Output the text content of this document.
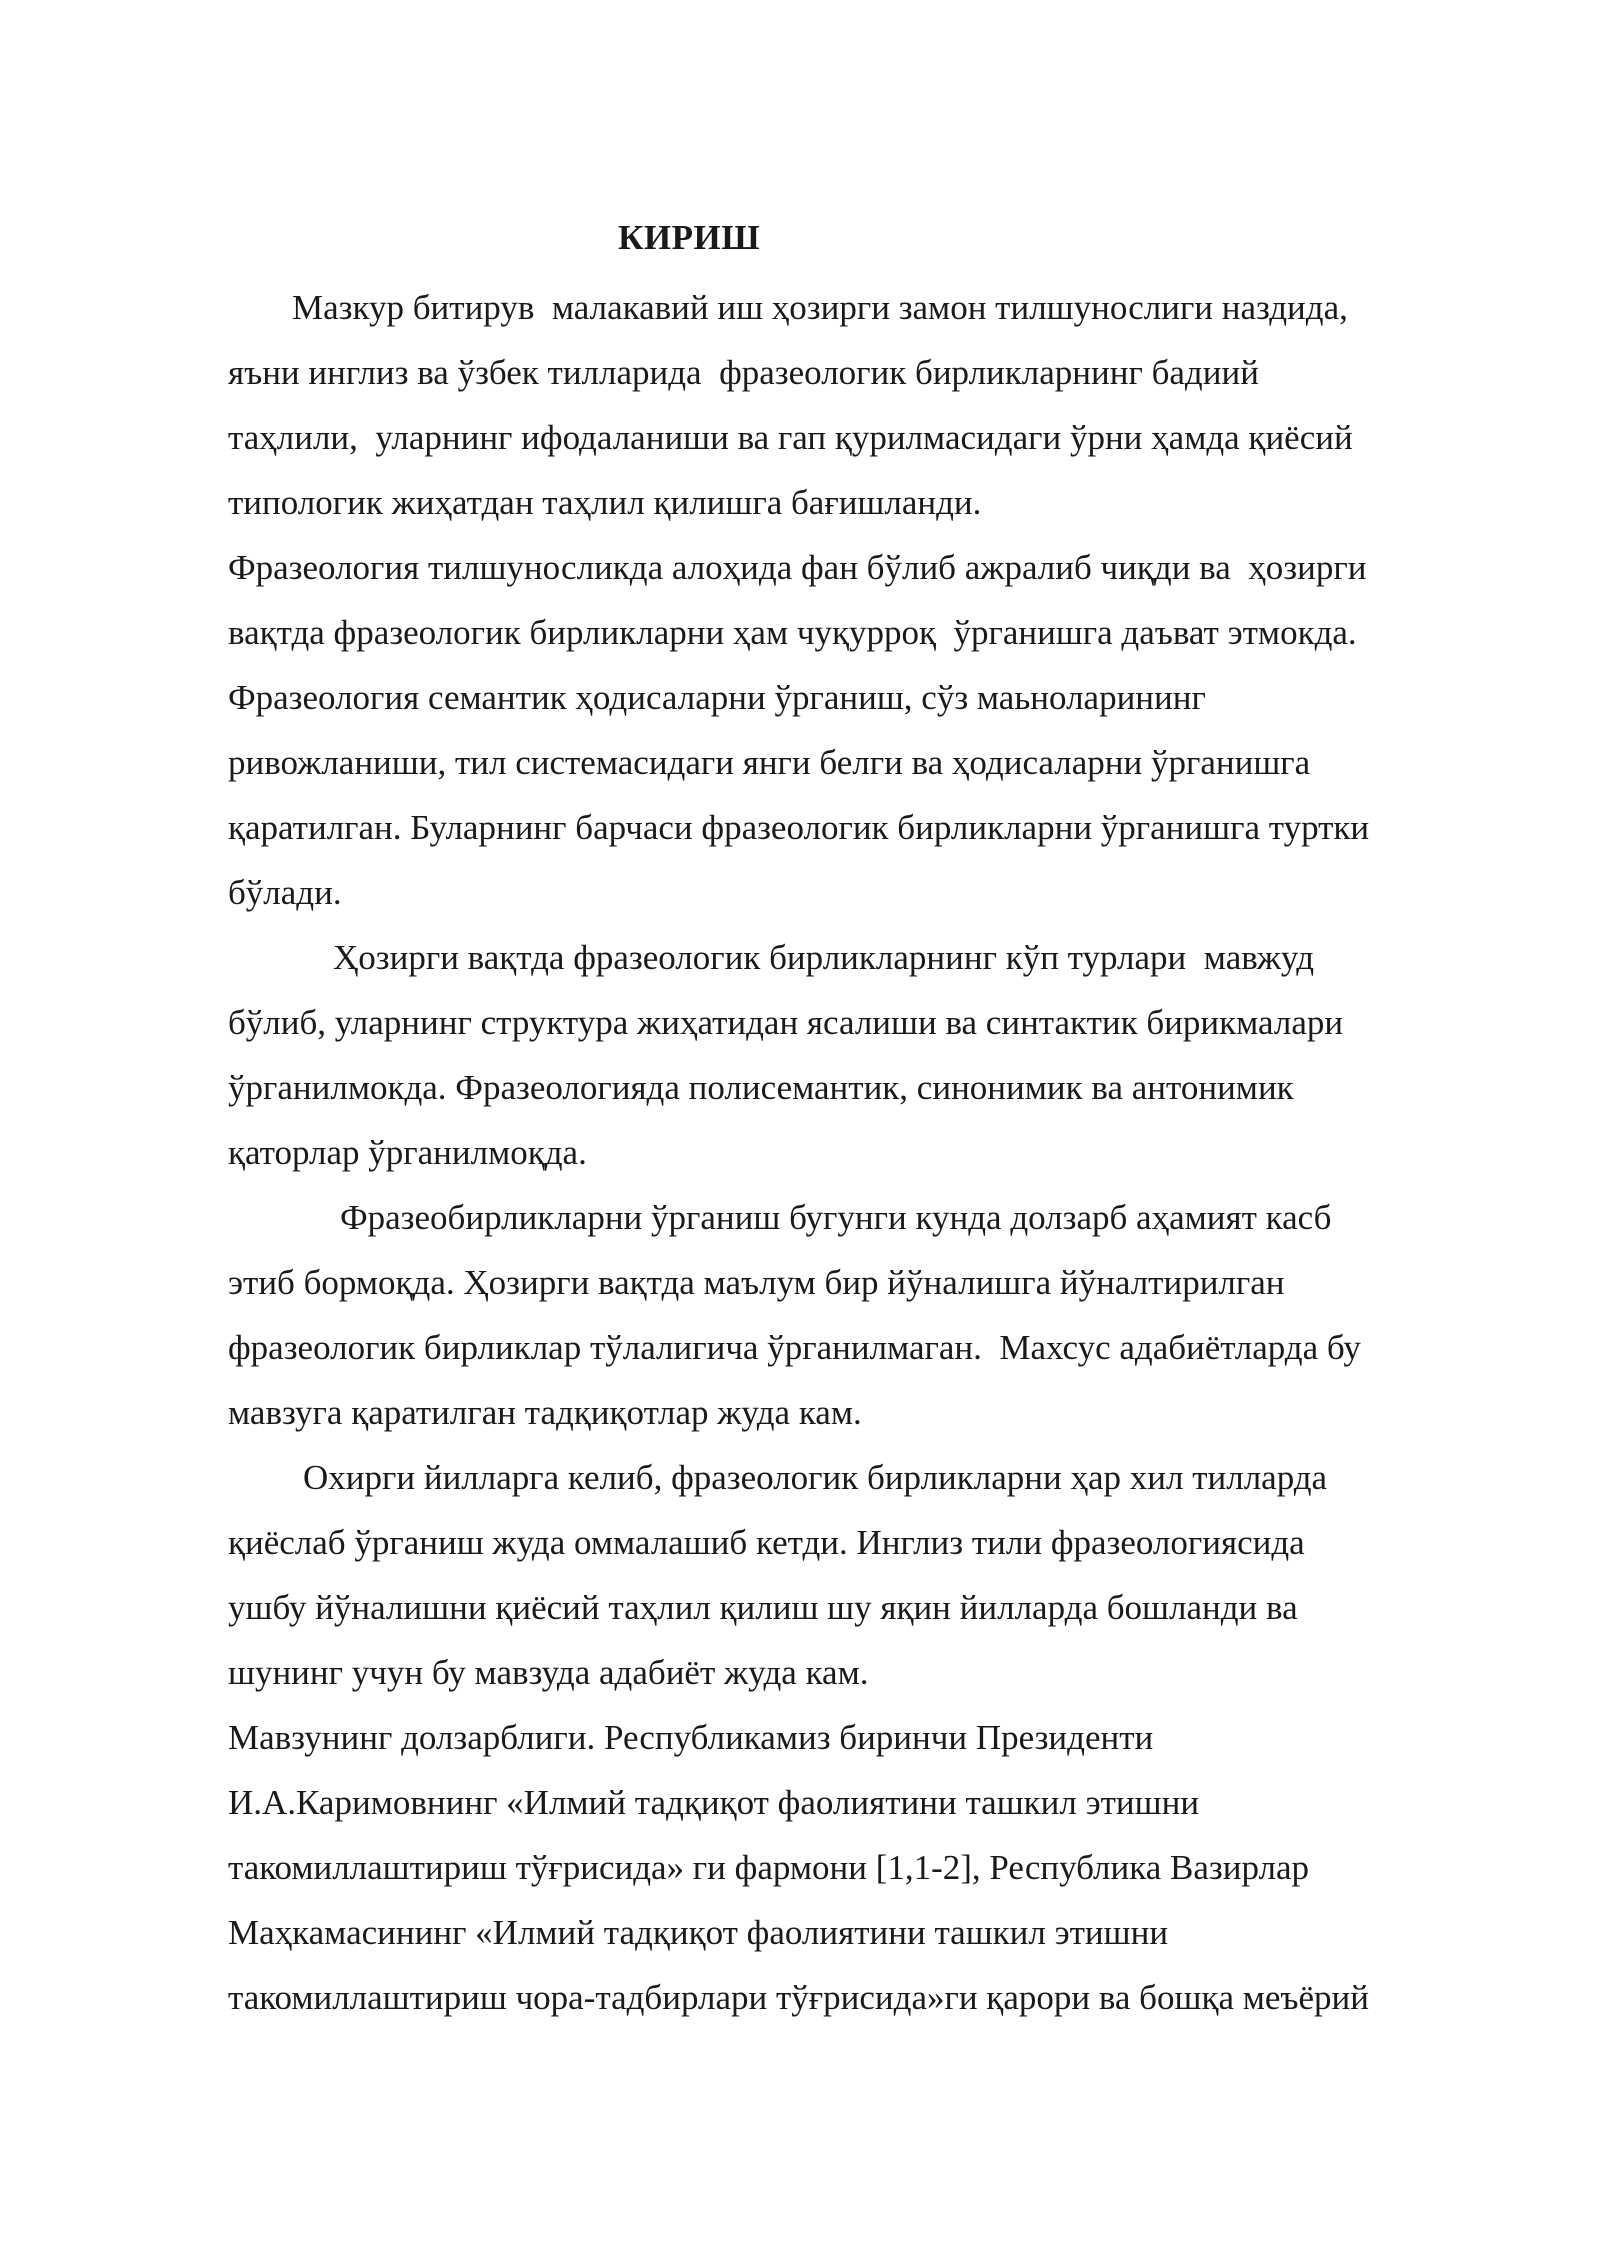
КИРИШ

Мазкур битирув  малакавий иш ҳозирги замон тилшунослиги наздида,

яъни инглиз ва ўзбек тилларида  фразеологик бирликларнинг бадиий

таҳлили,  уларнинг ифодаланиши ва гап қурилмасидаги ўрни ҳамда қиёсий

типологик жиҳатдан таҳлил қилишга бағишланди.

Фразеология тилшуносликда алоҳида фан бўлиб ажралиб чиқди ва  ҳозирги

вақтда фразеологик бирликларни ҳам чуқурроқ  ўрганишга даъват этмокда.

Фразеология семантик ҳодисаларни ўрганиш, сўз маьноларининг

ривожланиши, тил системасидаги янги белги ва ҳодисаларни ўрганишга

қаратилган. Буларнинг барчаси фразеологик бирликларни ўрганишга туртки

бўлади.

Ҳозирги вақтда фразеологик бирликларнинг кўп турлари  мавжуд

бўлиб, уларнинг структура жиҳатидан ясалиши ва синтактик бирикмалари

ўрганилмокда. Фразеологияда полисемантик, синонимик ва антонимик

қаторлар ўрганилмоқда.

Фразеобирликларни ўрганиш бугунги кунда долзарб аҳамият касб

этиб бормоқда. Ҳозирги вақтда маълум бир йўналишга йўналтирилган

фразеологик бирликлар тўлалигича ўрганилмаган.  Махсус адабиётларда бу

мавзуга қаратилган тадқиқотлар жуда кам.

Охирги йилларга келиб, фразеологик бирликларни ҳар хил тилларда

қиёслаб ўрганиш жуда оммалашиб кетди. Инглиз тили фразеологиясида

ушбу йўналишни қиёсий таҳлил қилиш шу яқин йилларда бошланди ва

шунинг учун бу мавзуда адабиёт жуда кам.

Мавзунинг долзарблиги. Республикамиз биринчи Президенти

И.А.Каримовнинг «Илмий тадқиқот фаолиятини ташкил этишни

такомиллаштириш тўғрисида» ги фармони [1,1-2], Республика Вазирлар

Маҳкамасининг «Илмий тадқиқот фаолиятини ташкил этишни

такомиллаштириш чора-тадбирлари тўғрисида»ги қарори ва бошқа меъёрий
